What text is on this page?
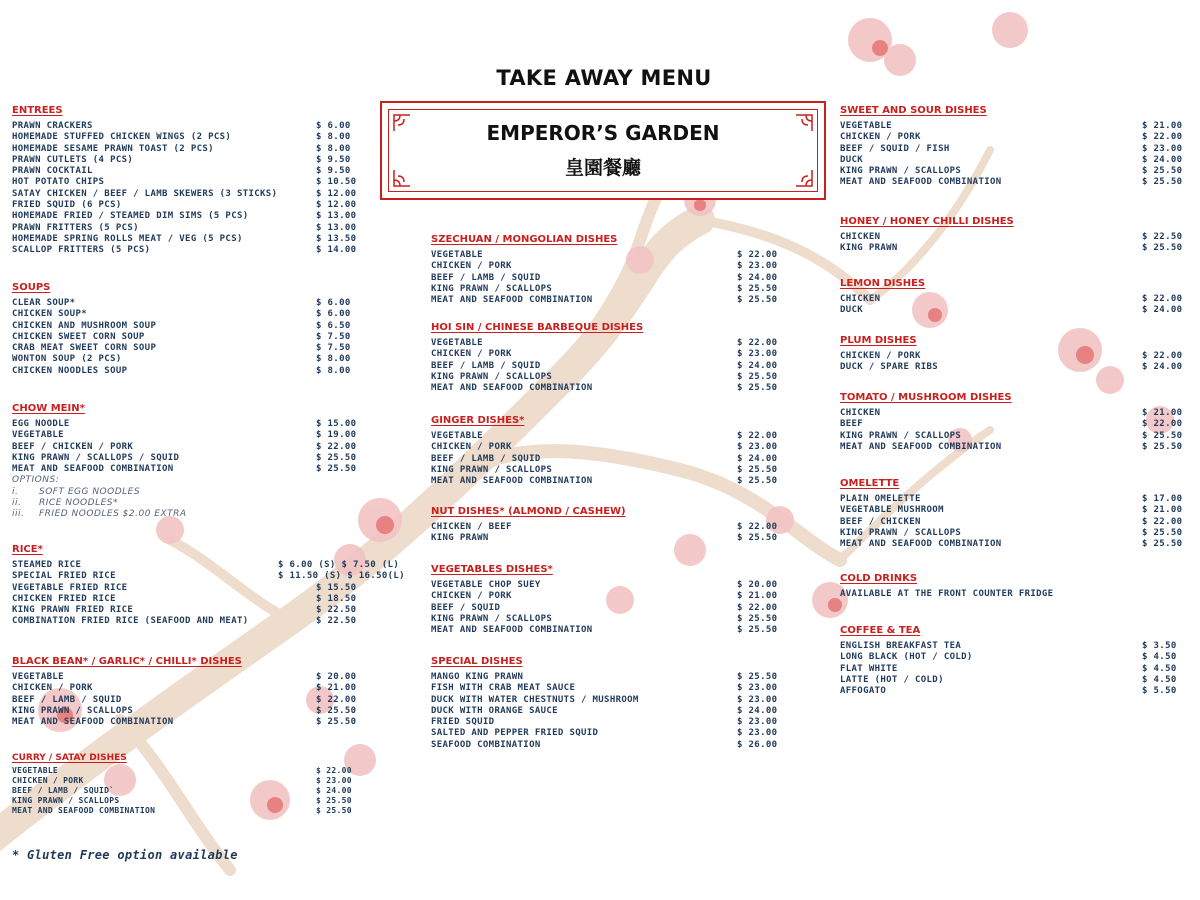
TAKE AWAY MENU
EMPEROR’S GARDEN
皇園餐廳
ENTREES
PRAWN CRACKERS	$ 6.00
HOMEMADE STUFFED CHICKEN WINGS (2 PCS)	$ 8.00
HOMEMADE SESAME PRAWN TOAST (2 PCS)	$ 8.00
PRAWN CUTLETS (4 PCS)	$ 9.50
PRAWN COCKTAIL	$ 9.50
HOT POTATO CHIPS	$ 10.50
SATAY CHICKEN / BEEF / LAMB SKEWERS (3 STICKS)	$ 12.00
FRIED SQUID (6 PCS)	$ 12.00
HOMEMADE FRIED / STEAMED DIM SIMS (5 PCS)	$ 13.00
PRAWN FRITTERS (5 PCS)	$ 13.00
HOMEMADE SPRING ROLLS MEAT / VEG (5 PCS)	$ 13.50
SCALLOP FRITTERS (5 PCS)	$ 14.00
SOUPS
CLEAR SOUP*	$ 6.00
CHICKEN SOUP*	$ 6.00
CHICKEN AND MUSHROOM SOUP	$ 6.50
CHICKEN SWEET CORN SOUP	$ 7.50
CRAB MEAT SWEET CORN SOUP	$ 7.50
WONTON SOUP (2 PCS)	$ 8.00
CHICKEN NOODLES SOUP	$ 8.00
CHOW MEIN*
EGG NOODLE	$ 15.00
VEGETABLE	$ 19.00
BEEF / CHICKEN / PORK	$ 22.00
KING PRAWN / SCALLOPS / SQUID	$ 25.50
MEAT AND SEAFOOD COMBINATION	$ 25.50
OPTIONS:
i. SOFT EGG NOODLES
ii. RICE NOODLES*
iii. FRIED NOODLES $2.00 EXTRA
RICE*
STEAMED RICE	$ 6.00 (S) $ 7.50 (L)
SPECIAL FRIED RICE	$ 11.50 (S) $ 16.50(L)
VEGETABLE FRIED RICE	$ 15.50
CHICKEN FRIED RICE	$ 18.50
KING PRAWN FRIED RICE	$ 22.50
COMBINATION FRIED RICE (SEAFOOD AND MEAT)	$ 22.50
BLACK BEAN* / GARLIC* / CHILLI* DISHES
VEGETABLE	$ 20.00
CHICKEN / PORK	$ 21.00
BEEF / LAMB / SQUID	$ 22.00
KING PRAWN / SCALLOPS	$ 25.50
MEAT AND SEAFOOD COMBINATION	$ 25.50
CURRY / SATAY DISHES
VEGETABLE	$ 22.00
CHICKEN / PORK	$ 23.00
BEEF / LAMB / SQUID`	$ 24.00
KING PRAWN / SCALLOPS	$ 25.50
MEAT AND SEAFOOD COMBINATION	$ 25.50
SZECHUAN / MONGOLIAN DISHES
VEGETABLE	$ 22.00
CHICKEN / PORK	$ 23.00
BEEF / LAMB / SQUID	$ 24.00
KING PRAWN / SCALLOPS	$ 25.50
MEAT AND SEAFOOD COMBINATION	$ 25.50
HOI SIN / CHINESE BARBEQUE DISHES
VEGETABLE	$ 22.00
CHICKEN / PORK	$ 23.00
BEEF / LAMB / SQUID	$ 24.00
KING PRAWN / SCALLOPS	$ 25.50
MEAT AND SEAFOOD COMBINATION	$ 25.50
GINGER DISHES*
VEGETABLE	$ 22.00
CHICKEN / PORK	$ 23.00
BEEF / LAMB / SQUID	$ 24.00
KING PRAWN / SCALLOPS	$ 25.50
MEAT AND SEAFOOD COMBINATION	$ 25.50
NUT DISHES* (ALMOND / CASHEW)
CHICKEN / BEEF	$ 22.00
KING PRAWN	$ 25.50
VEGETABLES DISHES*
VEGETABLE CHOP SUEY	$ 20.00
CHICKEN / PORK	$ 21.00
BEEF / SQUID	$ 22.00
KING PRAWN / SCALLOPS	$ 25.50
MEAT AND SEAFOOD COMBINATION	$ 25.50
SPECIAL DISHES
MANGO KING PRAWN	$ 25.50
FISH WITH CRAB MEAT SAUCE	$ 23.00
DUCK WITH WATER CHESTNUTS / MUSHROOM	$ 23.00
DUCK WITH ORANGE SAUCE	$ 24.00
FRIED SQUID	$ 23.00
SALTED AND PEPPER FRIED SQUID	$ 23.00
SEAFOOD COMBINATION	$ 26.00
SWEET AND SOUR DISHES
VEGETABLE	$ 21.00
CHICKEN / PORK	$ 22.00
BEEF / SQUID / FISH	$ 23.00
DUCK	$ 24.00
KING PRAWN / SCALLOPS	$ 25.50
MEAT AND SEAFOOD COMBINATION	$ 25.50
HONEY / HONEY CHILLI DISHES
CHICKEN	$ 22.50
KING PRAWN	$ 25.50
LEMON DISHES
CHICKEN	$ 22.00
DUCK	$ 24.00
PLUM DISHES
CHICKEN / PORK	$ 22.00
DUCK / SPARE RIBS	$ 24.00
TOMATO / MUSHROOM DISHES
CHICKEN	$ 21.00
BEEF	$ 22.00
KING PRAWN / SCALLOPS	$ 25.50
MEAT AND SEAFOOD COMBINATION	$ 25.50
OMELETTE
PLAIN OMELETTE	$ 17.00
VEGETABLE MUSHROOM	$ 21.00
BEEF / CHICKEN	$ 22.00
KING PRAWN / SCALLOPS	$ 25.50
MEAT AND SEAFOOD COMBINATION	$ 25.50
COLD DRINKS
AVAILABLE AT THE FRONT COUNTER FRIDGE
COFFEE & TEA
ENGLISH BREAKFAST TEA	$ 3.50
LONG BLACK (HOT / COLD)	$ 4.50
FLAT WHITE	$ 4.50
LATTE (HOT / COLD)	$ 4.50
AFFOGATO	$ 5.50
* Gluten Free option available
